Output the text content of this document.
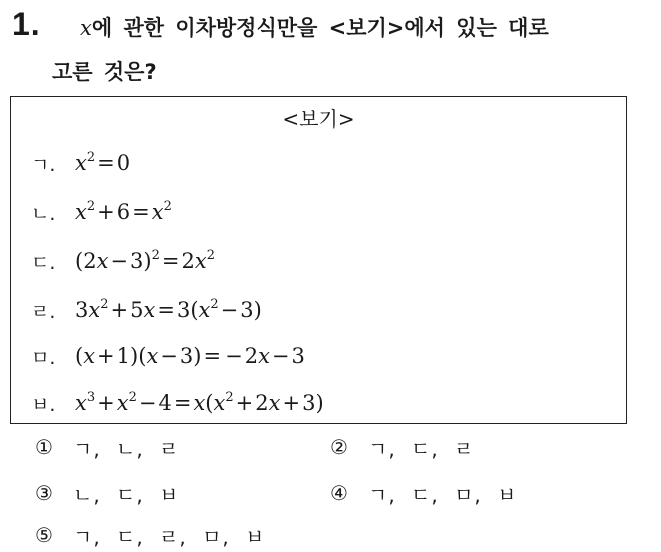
1. x에 관한 이차방정식만을 <보기>에서 있는 대로
고른 것은?
<보기>
ㄱ. $x^2=0$
ㄴ. $x^2+6=x^2$
ㄷ. $(2x-3)^2=2x^2$
ㄹ. $3x^2+5x=3(x^2-3)$
ㅁ. (x+1)(x−3)= −2x−3
ㅂ. $x^3+x^2-4=x(x^2+2x+3)$
①	ㄱ, ㄴ, ㄹ	②	ㄱ, ㄷ, ㄹ
③	ㄴ, ㄷ, ㅂ	④	ㄱ, ㄷ, ㅁ, ㅂ
⑤	ㄱ, ㄷ, ㄹ, ㅁ, ㅂ
